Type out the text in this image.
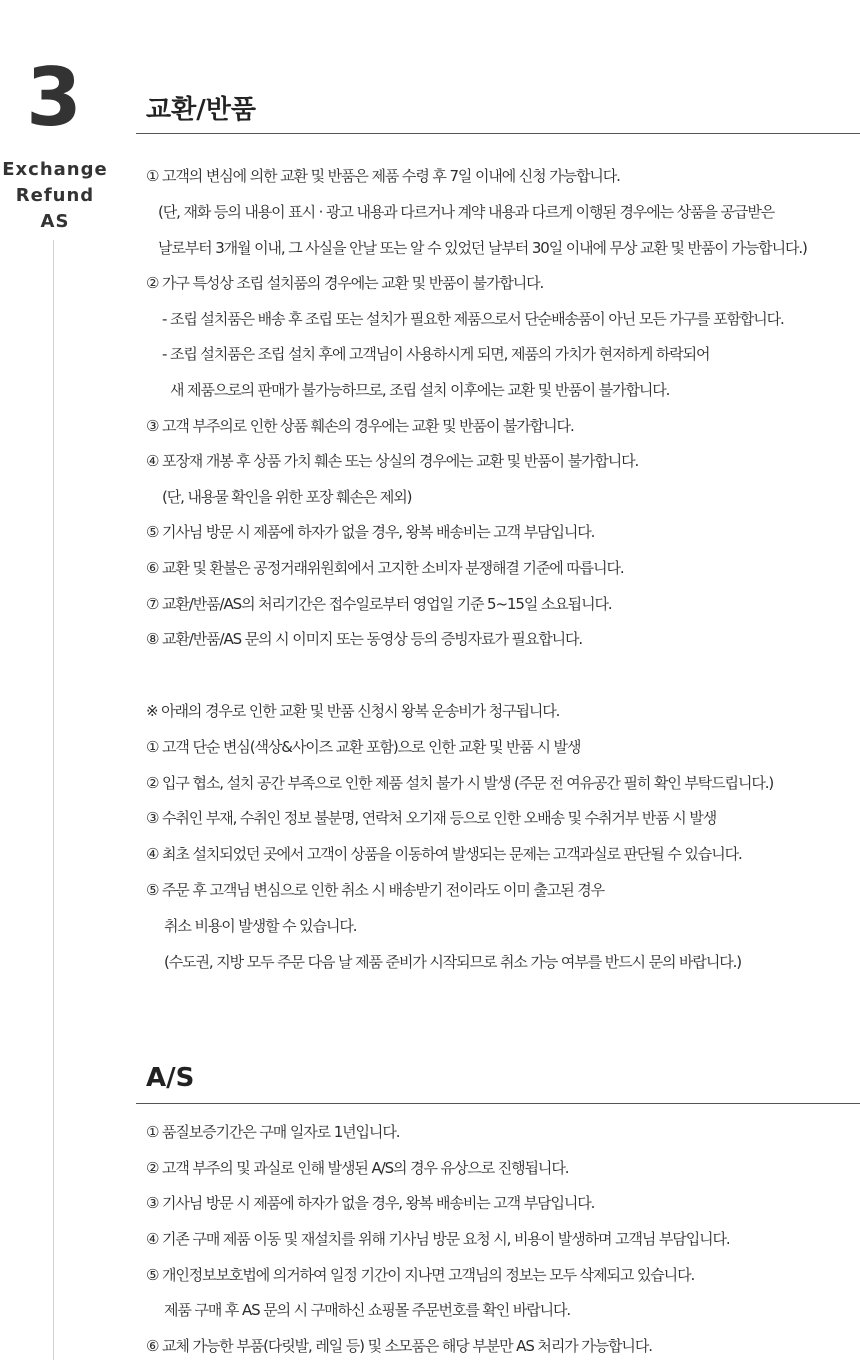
3
Exchange
Refund
AS
교환/반품
① 고객의 변심에 의한 교환 및 반품은 제품 수령 후 7일 이내에 신청 가능합니다.
(단, 재화 등의 내용이 표시 · 광고 내용과 다르거나 계약 내용과 다르게 이행된 경우에는 상품을 공급받은
날로부터 3개월 이내, 그 사실을 안날 또는 알 수 있었던 날부터 30일 이내에 무상 교환 및 반품이 가능합니다.)
② 가구 특성상 조립 설치품의 경우에는 교환 및 반품이 불가합니다.
- 조립 설치품은 배송 후 조립 또는 설치가 필요한 제품으로서 단순배송품이 아닌 모든 가구를 포함합니다.
- 조립 설치품은 조립 설치 후에 고객님이 사용하시게 되면, 제품의 가치가 현저하게 하락되어
새 제품으로의 판매가 불가능하므로, 조립 설치 이후에는 교환 및 반품이 불가합니다.
③ 고객 부주의로 인한 상품 훼손의 경우에는 교환 및 반품이 불가합니다.
④ 포장재 개봉 후 상품 가치 훼손 또는 상실의 경우에는 교환 및 반품이 불가합니다.
(단, 내용물 확인을 위한 포장 훼손은 제외)
⑤ 기사님 방문 시 제품에 하자가 없을 경우, 왕복 배송비는 고객 부담입니다.
⑥ 교환 및 환불은 공정거래위원회에서 고지한 소비자 분쟁해결 기준에 따릅니다.
⑦ 교환/반품/AS의 처리기간은 접수일로부터 영업일 기준 5~15일 소요됩니다.
⑧ 교환/반품/AS 문의 시 이미지 또는 동영상 등의 증빙자료가 필요합니다.
※ 아래의 경우로 인한 교환 및 반품 신청시 왕복 운송비가 청구됩니다.
① 고객 단순 변심(색상&사이즈 교환 포함)으로 인한 교환 및 반품 시 발생
② 입구 협소, 설치 공간 부족으로 인한 제품 설치 불가 시 발생 (주문 전 여유공간 필히 확인 부탁드립니다.)
③ 수취인 부재, 수취인 정보 불분명, 연락처 오기재 등으로 인한 오배송 및 수취거부 반품 시 발생
④ 최초 설치되었던 곳에서 고객이 상품을 이동하여 발생되는 문제는 고객과실로 판단될 수 있습니다.
⑤ 주문 후 고객님 변심으로 인한 취소 시 배송받기 전이라도 이미 출고된 경우
취소 비용이 발생할 수 있습니다.
(수도권, 지방 모두 주문 다음 날 제품 준비가 시작되므로 취소 가능 여부를 반드시 문의 바랍니다.)
A/S
① 품질보증기간은 구매 일자로 1년입니다.
② 고객 부주의 및 과실로 인해 발생된 A/S의 경우 유상으로 진행됩니다.
③ 기사님 방문 시 제품에 하자가 없을 경우, 왕복 배송비는 고객 부담입니다.
④ 기존 구매 제품 이동 및 재설치를 위해 기사님 방문 요청 시, 비용이 발생하며 고객님 부담입니다.
⑤ 개인정보보호법에 의거하여 일정 기간이 지나면 고객님의 정보는 모두 삭제되고 있습니다.
제품 구매 후 AS 문의 시 구매하신 쇼핑몰 주문번호를 확인 바랍니다.
⑥ 교체 가능한 부품(다릿발, 레일 등) 및 소모품은 해당 부분만 AS 처리가 가능합니다.
